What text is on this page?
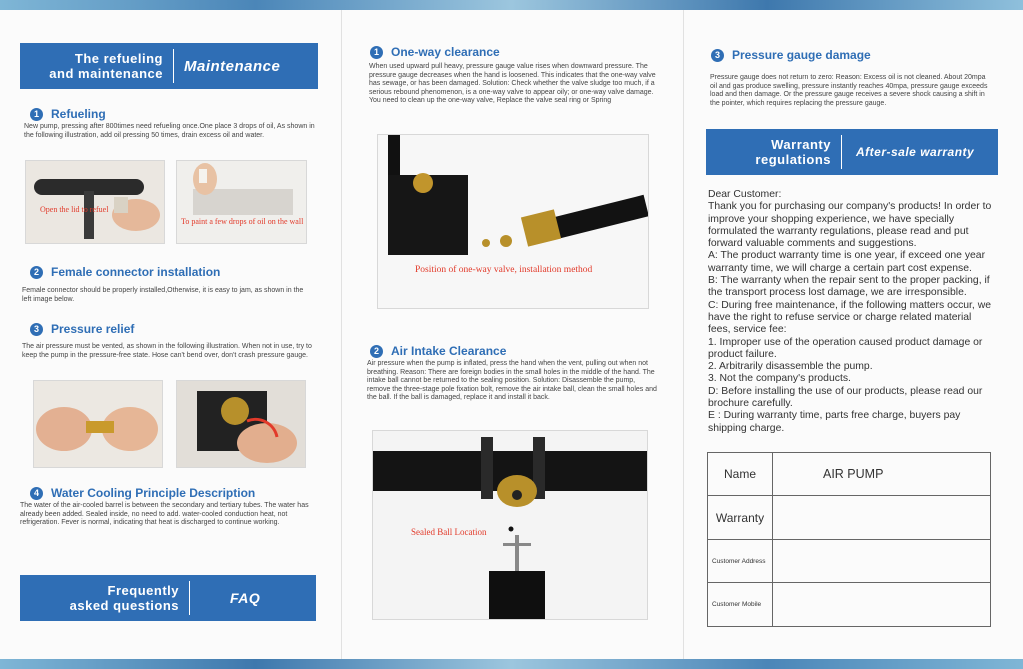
The refueling
and maintenance Maintenance
1	Refueling
New pump, pressing after 800times need refueling once.One place 3 drops of oil, As shown in the following illustration, add oil pressing 50 times, drain excess oil and water.
Open the lid to refuel
To paint a few drops of oil on the wall
2	Female connector installation
Female connector should be properly installed,Otherwise, it is easy to jam, as shown in the left image below.
3	Pressure relief
The air pressure must be vented, as shown in the following illustration. When not in use, try to keep the pump in the pressure-free state. Hose can't bend over, don't crash pressure gauge.
4	Water Cooling Principle Description
The water of the air-cooled barrel is between the secondary and tertiary tubes. The water has already been added. Sealed inside, no need to add. water-cooled conduction heat, not refrigeration. Fever is normal, indicating that heat is discharged to continue working.
Frequently
asked questions	FAQ
1	One-way clearance
When used upward pull heavy, pressure gauge value rises when downward pressure. The pressure gauge decreases when the hand is loosened. This indicates that the one-way valve has sewage, or has been damaged. Solution: Check whether the valve sludge too much, if a serious rebound phenomenon, is a one-way valve to appear oily; or one-way valve damage. You need to clean up the one-way valve, Replace the valve seal ring or Spring
Position of one-way valve, installation method
2	Air Intake Clearance
Air pressure when the pump is inflated, press the hand when the vent, pulling out when not breathing. Reason: There are foreign bodies in the small holes in the middle of the hand. The intake ball cannot be returned to the sealing position. Solution: Disassemble the pump, remove the three-stage pole fixation bolt, remove the air intake ball, clean the small holes and the ball. If the ball is damaged, replace it and install it back.
Sealed Ball Location
3	Pressure gauge damage
Pressure gauge does not return to zero: Reason: Excess oil is not cleaned. About 20mpa oil and gas produce swelling, pressure instantly reaches 40mpa, pressure gauge exceeds load and then damage. Or the pressure gauge receives a severe shock causing a shift in the pointer, which requires replacing the pressure gauge.
Warranty
regulations After-sale warranty
Dear Customer:
Thank you for purchasing our company's products! In order to improve your shopping experience, we have specially formulated the warranty regulations, please read and put forward valuable comments and suggestions.
A: The product warranty time is one year, if exceed one year warranty time, we will charge a certain part cost expense.
B: The warranty when the repair sent to the proper packing, if the transport process lost damage, we are irresponsible.
C: During free maintenance, if the following matters occur, we have the right to refuse service or charge related material fees, service fee:
1. Improper use of the operation caused product damage or product failure.
2. Arbitrarily disassemble the pump.
3. Not the company's products.
D: Before installing the use of our products, please read our brochure carefully.
E : During warranty time, parts free charge, buyers pay shipping charge.
Name	AIR PUMP
Warranty	
Customer Address	
Customer Mobile	
